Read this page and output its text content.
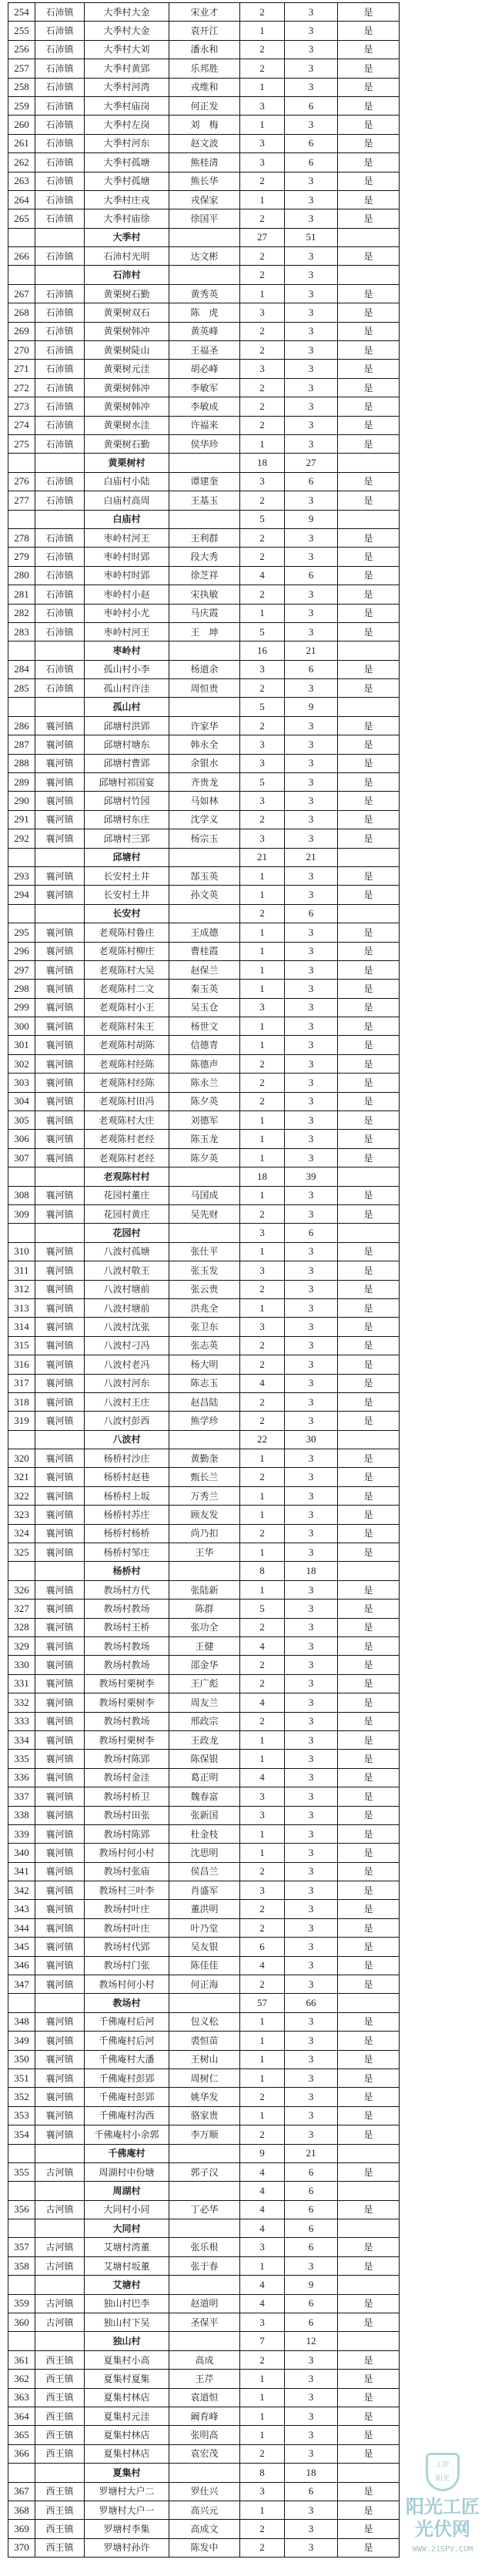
254	石沛镇	大季村大金	宋业才	2	3	是
255	石沛镇	大季村大金	袁开江	1	3	是
256	石沛镇	大季村大刘	潘永和	2	3	是
257	石沛镇	大季村黄郢	乐邦胜	2	3	是
258	石沛镇	大季村河湾	戎维和	1	3	是
259	石沛镇	大季村庙岗	何正发	3	6	是
260	石沛镇	大季村左岗	刘　梅	1	3	是
261	石沛镇	大季村河东	赵文波	3	6	是
262	石沛镇	大季村孤塘	熊桂清	3	6	是
263	石沛镇	大季村孤塘	熊长华	2	3	是
264	石沛镇	大季村庄戎	戎保家	1	3	是
265	石沛镇	大季村庙徐	徐国平	2	3	是
		大季村		27	51	
266	石沛镇	石沛村光明	达文彬	2	3	是
		石沛村		2	3	
267	石沛镇	黄栗树石勤	黄秀英	1	3	是
268	石沛镇	黄栗树双石	陈　虎	3	3	是
269	石沛镇	黄栗树韩冲	黄英峰	2	3	是
270	石沛镇	黄栗树陡山	王福圣	2	3	是
271	石沛镇	黄栗树元洼	胡必峰	3	3	是
272	石沛镇	黄栗树韩冲	李敏军	2	3	是
273	石沛镇	黄栗树韩冲	李敏成	2	3	是
274	石沛镇	黄栗树水洼	许福来	2	3	是
275	石沛镇	黄栗树石勤	侯华珍	1	3	是
		黄栗树村		18	27	
276	石沛镇	白庙村小陆	谭建奎	3	6	是
277	石沛镇	白庙村高周	王基玉	2	3	是
		白庙村		5	9	
278	石沛镇	枣岭村河王	王利群	2	3	是
279	石沛镇	枣岭村时郢	段大秀	2	3	是
280	石沛镇	枣岭村时郢	徐芝祥	4	6	是
281	石沛镇	枣岭村小赵	宋执敏	2	3	是
282	石沛镇	枣岭村小尤	马庆霞	1	3	是
283	石沛镇	枣岭村河王	王　坤	5	3	是
		枣岭村		16	21	
284	石沛镇	孤山村小李	杨道余	3	6	是
285	石沛镇	孤山村许洼	周恒贵	2	3	是
		孤山村		5	9	
286	襄河镇	邱塘村洪郢	许家华	2	3	是
287	襄河镇	邱塘村塘东	韩永全	3	3	是
288	襄河镇	邱塘村曹郢	余银水	3	3	是
289	襄河镇	邱塘村祁国宴	齐贵龙	5	3	是
290	襄河镇	邱塘村竹园	马如林	3	3	是
291	襄河镇	邱塘村东庄	沈学义	2	3	是
292	襄河镇	邱塘村三郢	杨宗玉	3	3	是
		邱塘村		21	21	
293	襄河镇	长安村土井	郜玉英	1	3	是
294	襄河镇	长安村土井	孙文英	1	3	是
		长安村		2	6	
295	襄河镇	老观陈村鲁庄	王成德	1	3	是
296	襄河镇	老观陈村柳庄	曹桂霞	1	3	是
297	襄河镇	老观陈村大吴	赵保兰	1	3	是
298	襄河镇	老观陈村二文	秦玉英	1	3	是
299	襄河镇	老观陈村小王	吴玉仓	3	3	是
300	襄河镇	老观陈村朱王	杨世文	1	3	是
301	襄河镇	老观陈村胡陈	信德青	1	3	是
302	襄河镇	老观陈村经陈	陈德声	2	3	是
303	襄河镇	老观陈村经陈	陈永兰	2	3	是
304	襄河镇	老观陈村田冯	陈夕英	2	3	是
305	襄河镇	老观陈村大庄	刘德军	1	3	是
306	襄河镇	老观陈村老经	陈玉龙	1	3	是
307	襄河镇	老观陈村老经	陈夕英	1	3	是
		老观陈村村		18	39	
308	襄河镇	花园村董庄	马国成	1	3	是
309	襄河镇	花园村黄庄	吴先财	2	3	是
		花园村		3	6	
310	襄河镇	八波村孤塘	张仕平	1	3	是
311	襄河镇	八波村敬王	张玉发	3	3	是
312	襄河镇	八波村塘前	张云贵	2	3	是
313	襄河镇	八波村塘前	洪兆全	1	3	是
314	襄河镇	八波村沈张	张卫东	3	3	是
315	襄河镇	八波村刁冯	张志英	2	3	是
316	襄河镇	八波村老冯	杨大明	2	3	是
317	襄河镇	八波村河东	陈志玉	4	3	是
318	襄河镇	八波村王庄	赵昌陆	2	3	是
319	襄河镇	八波村彭西	熊学珍	2	3	是
		八波村		22	30	
320	襄河镇	杨桥村沙庄	黄勤奎	1	3	是
321	襄河镇	杨桥村赵巷	甄长兰	2	3	是
322	襄河镇	杨桥村上坂	万秀兰	1	3	是
323	襄河镇	杨桥村苏庄	顾友发	1	3	是
324	襄河镇	杨桥村杨桥	尚乃扣	2	3	是
325	襄河镇	杨桥村邹庄	王华	1	3	是
		杨桥村		8	18	
326	襄河镇	教场村方代	张陆新	1	3	是
327	襄河镇	教场村教场	陈群	5	3	是
328	襄河镇	教场村王桥	张功全	2	3	是
329	襄河镇	教场村教场	王健	4	3	是
330	襄河镇	教场村教场	邵金华	2	3	是
331	襄河镇	教场村栗树李	王广彪	2	3	是
332	襄河镇	教场村栗树李	周友兰	4	3	是
333	襄河镇	教场村教场	邢政宗	2	3	是
334	襄河镇	教场村栗树李	王政龙	1	3	是
335	襄河镇	教场村陈郢	陈保银	1	3	是
336	襄河镇	教场村金洼	葛正明	4	3	是
337	襄河镇	教场村桥卫	魏春富	3	3	是
338	襄河镇	教场村田张	张新国	3	3	是
339	襄河镇	教场村陈郢	杜金枝	1	3	是
340	襄河镇	教场村何小村	沈思明	1	3	是
341	襄河镇	教场村张庙	侯昌兰	2	3	是
342	襄河镇	教场村三叶李	肖盛军	3	3	是
343	襄河镇	教场村叶庄	董洪明	2	3	是
344	襄河镇	教场村叶庄	叶乃堂	2	3	是
345	襄河镇	教场村代郢	吴友银	6	3	是
346	襄河镇	教场村门张	陈佳佳	4	3	是
347	襄河镇	教场村何小村	何正海	2	3	是
		教场村		57	66	
348	襄河镇	千佛庵村后河	包义松	1	3	是
349	襄河镇	千佛庵村后河	裘恒苗	1	3	是
350	襄河镇	千佛庵村大潘	王树山	1	3	是
351	襄河镇	千佛庵村彭郢	周树仁	1	3	是
352	襄河镇	千佛庵村彭郢	姚华发	2	3	是
353	襄河镇	千佛庵村沟西	骆家贵	1	3	是
354	襄河镇	千佛庵村小余郭	李万顺	2	3	是
		千佛庵村		9	21	
355	古河镇	周湖村中份塘	郭子汉	4	6	是
		周湖村		4	6	
356	古河镇	大同村小同	丁必华	4	6	是
		大同村		4	6	
357	古河镇	艾塘村湾董	张乐根	3	6	是
358	古河镇	艾塘村坂董	张于春	1	3	是
		艾塘村		4	9	
359	古河镇	独山村巴李	赵道明	4	6	是
360	古河镇	独山村下吴	圣保平	3	6	是
		独山村		7	12	
361	西王镇	夏集村小高	高成	2	3	是
362	西王镇	夏集村夏集	王芹	1	3	是
363	西王镇	夏集村林店	袁道恒	1	3	是
364	西王镇	夏集村元洼	阚育峰	1	3	是
365	西王镇	夏集村林店	张明高	1	3	是
366	西王镇	夏集村林店	袁宏茂	2	3	是
		夏集村		8	18	
367	西王镇	罗塘村大户二	罗仕兴	3	6	是
368	西王镇	罗塘村大户一	高兴元	1	3	是
369	西王镇	罗塘村李集	高成文	2	3	是
370	西王镇	罗塘村孙许	陈发中	2	3	是
工匠
阳光
阳光工匠光伏网
WWW.21SPV.COM
